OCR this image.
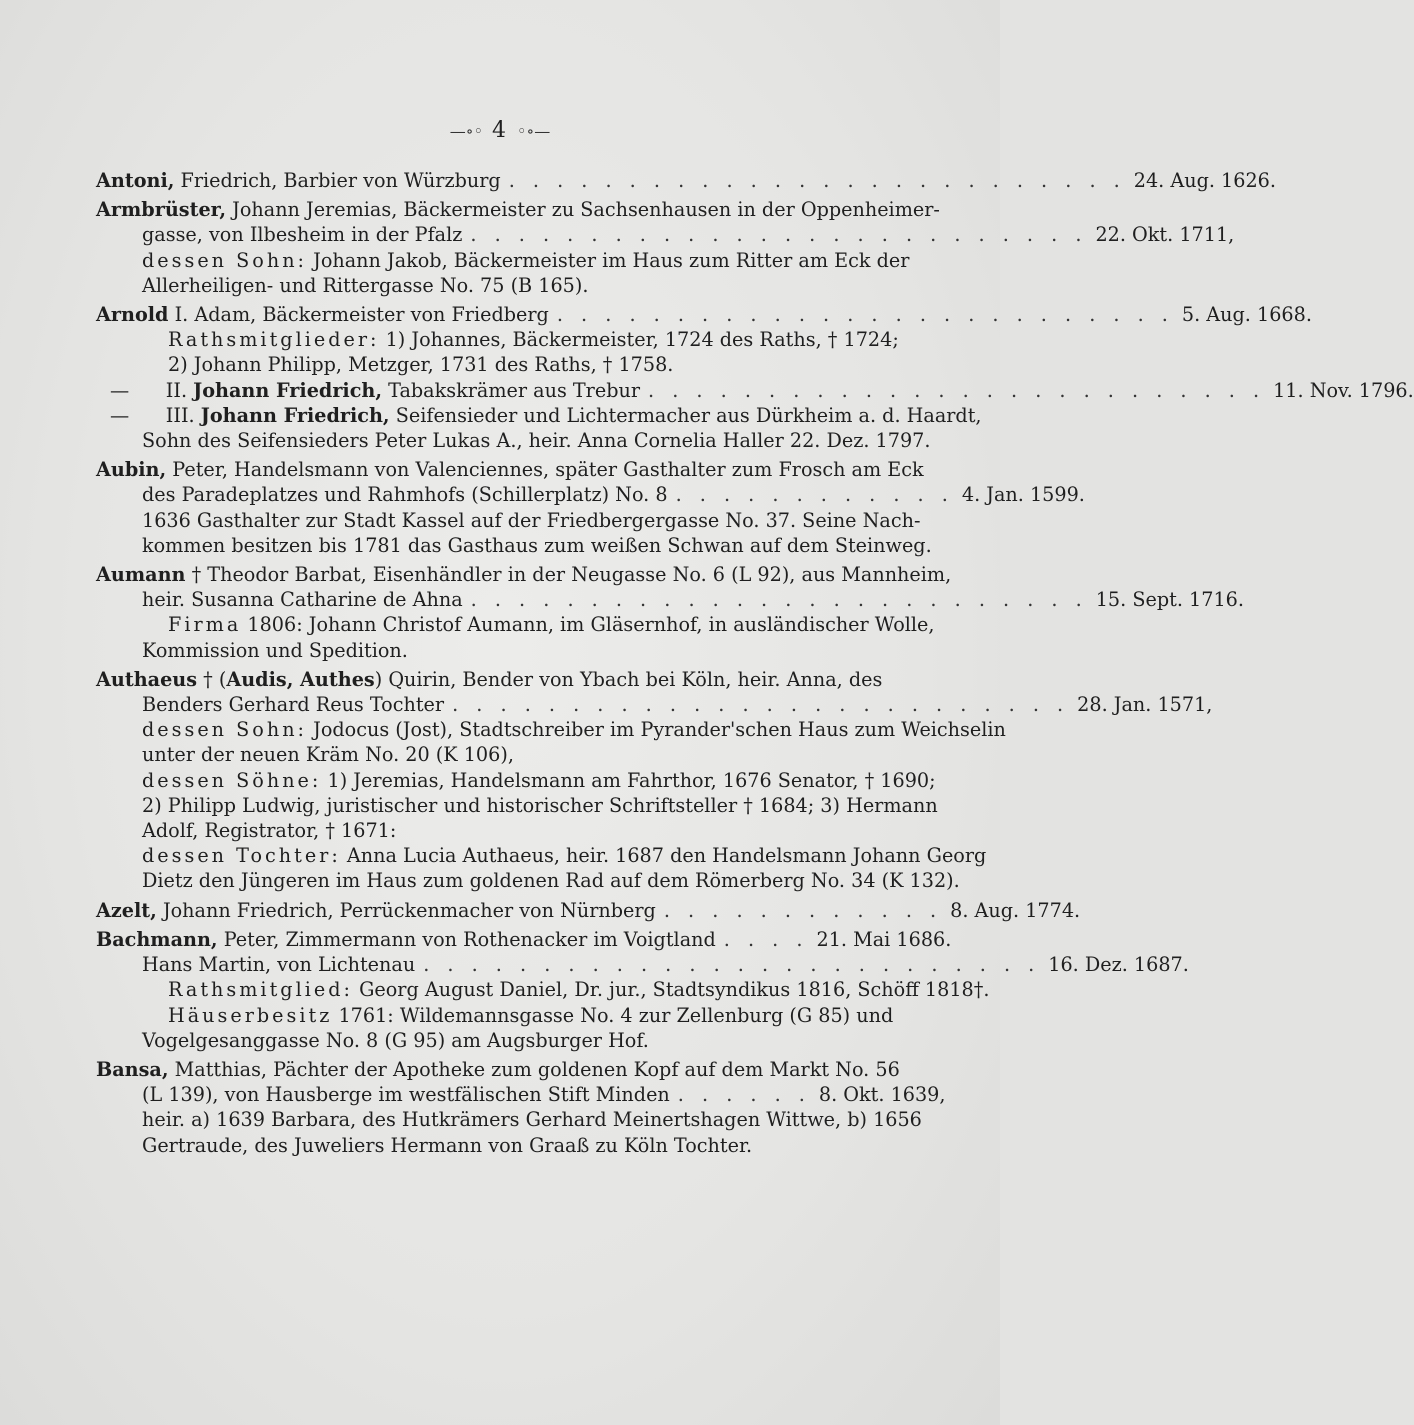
—∘◦ 4 ◦∘—
Antoni, Friedrich, Barbier von Würzburg . . . . . . . . . . . . . . . . . . . . . . . . . . 24. Aug. 1626.
Armbrüster, Johann Jeremias, Bäckermeister zu Sachsenhausen in der Oppenheimer-
gasse, von Ilbesheim in der Pfalz . . . . . . . . . . . . . . . . . . . . . . . . . . 22. Okt. 1711,
dessen Sohn: Johann Jakob, Bäckermeister im Haus zum Ritter am Eck der
Allerheiligen- und Rittergasse No. 75 (B 165).
Arnold I. Adam, Bäckermeister von Friedberg . . . . . . . . . . . . . . . . . . . . . . . . . . 5. Aug. 1668.
Rathsmitglieder: 1) Johannes, Bäckermeister, 1724 des Raths, † 1724;
2) Johann Philipp, Metzger, 1731 des Raths, † 1758.
— II. Johann Friedrich, Tabakskrämer aus Trebur . . . . . . . . . . . . . . . . . . . . . . . . . . 11. Nov. 1796.
— III. Johann Friedrich, Seifensieder und Lichtermacher aus Dürkheim a. d. Haardt,
Sohn des Seifensieders Peter Lukas A., heir. Anna Cornelia Haller 22. Dez. 1797.
Aubin, Peter, Handelsmann von Valenciennes, später Gasthalter zum Frosch am Eck
des Paradeplatzes und Rahmhofs (Schillerplatz) No. 8 . . . . . . . . . . . . 4. Jan. 1599.
1636 Gasthalter zur Stadt Kassel auf der Friedbergergasse No. 37. Seine Nach-
kommen besitzen bis 1781 das Gasthaus zum weißen Schwan auf dem Steinweg.
Aumann † Theodor Barbat, Eisenhändler in der Neugasse No. 6 (L 92), aus Mannheim,
heir. Susanna Catharine de Ahna . . . . . . . . . . . . . . . . . . . . . . . . . . 15. Sept. 1716.
Firma 1806: Johann Christof Aumann, im Gläsernhof, in ausländischer Wolle,
Kommission und Spedition.
Authaeus † (Audis, Authes) Quirin, Bender von Ybach bei Köln, heir. Anna, des
Benders Gerhard Reus Tochter . . . . . . . . . . . . . . . . . . . . . . . . . . 28. Jan. 1571,
dessen Sohn: Jodocus (Jost), Stadtschreiber im Pyrander'schen Haus zum Weichselin
unter der neuen Kräm No. 20 (K 106),
dessen Söhne: 1) Jeremias, Handelsmann am Fahrthor, 1676 Senator, † 1690;
2) Philipp Ludwig, juristischer und historischer Schriftsteller † 1684; 3) Hermann
Adolf, Registrator, † 1671:
dessen Tochter: Anna Lucia Authaeus, heir. 1687 den Handelsmann Johann Georg
Dietz den Jüngeren im Haus zum goldenen Rad auf dem Römerberg No. 34 (K 132).
Azelt, Johann Friedrich, Perrückenmacher von Nürnberg . . . . . . . . . . . . 8. Aug. 1774.
Bachmann, Peter, Zimmermann von Rothenacker im Voigtland . . . . 21. Mai 1686.
Hans Martin, von Lichtenau . . . . . . . . . . . . . . . . . . . . . . . . . . 16. Dez. 1687.
Rathsmitglied: Georg August Daniel, Dr. jur., Stadtsyndikus 1816, Schöff 1818†.
Häuserbesitz 1761: Wildemannsgasse No. 4 zur Zellenburg (G 85) und
Vogelgesanggasse No. 8 (G 95) am Augsburger Hof.
Bansa, Matthias, Pächter der Apotheke zum goldenen Kopf auf dem Markt No. 56
(L 139), von Hausberge im westfälischen Stift Minden . . . . . . 8. Okt. 1639,
heir. a) 1639 Barbara, des Hutkrämers Gerhard Meinertshagen Wittwe, b) 1656
Gertraude, des Juweliers Hermann von Graaß zu Köln Tochter.
